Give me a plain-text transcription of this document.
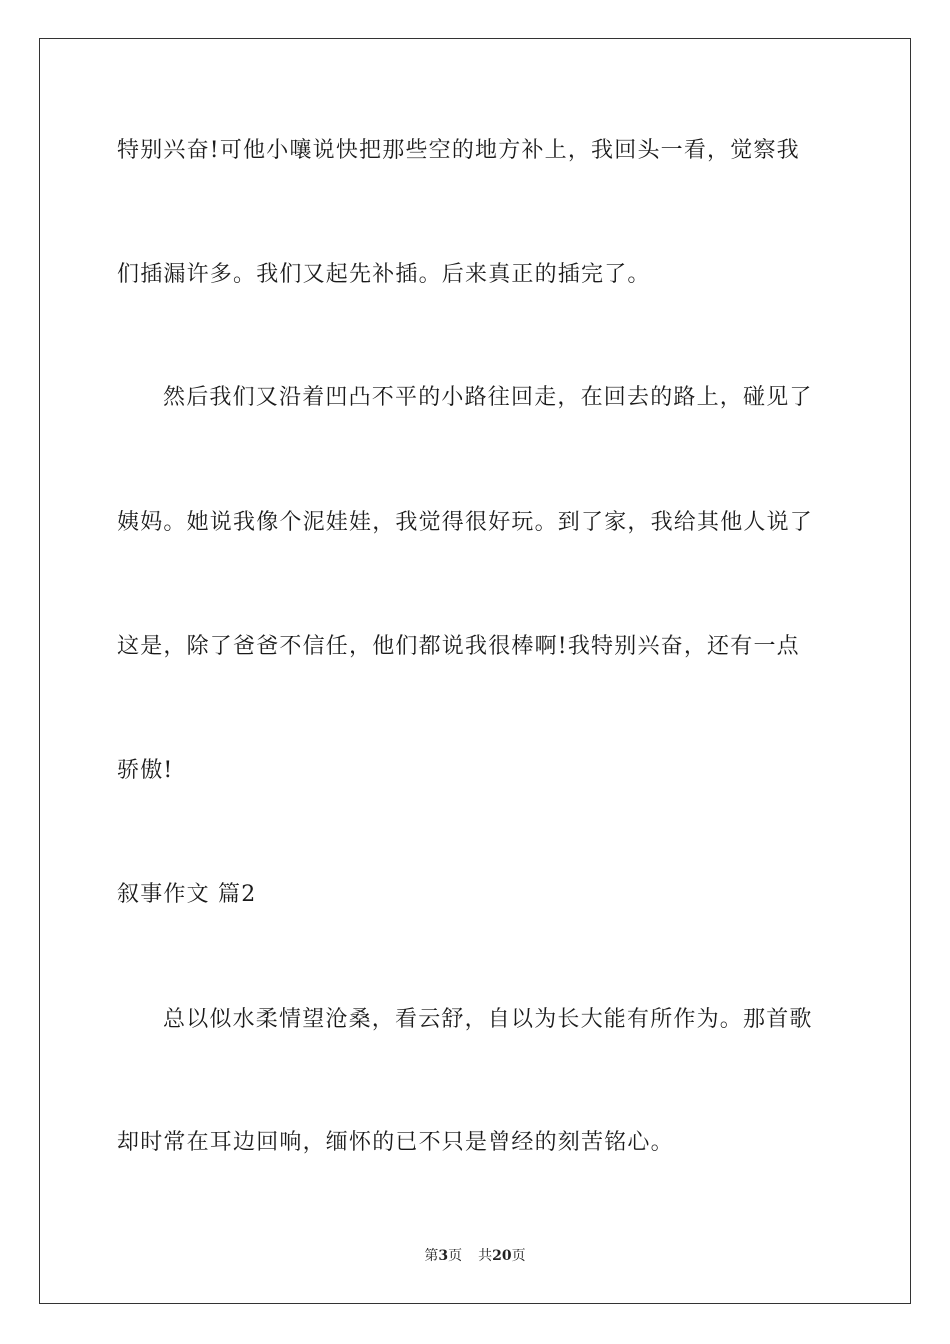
特别兴奋!可他小嚷说快把那些空的地方补上，我回头一看，觉察我
们插漏许多。我们又起先补插。后来真正的插完了。
然后我们又沿着凹凸不平的小路往回走，在回去的路上，碰见了
姨妈。她说我像个泥娃娃，我觉得很好玩。到了家，我给其他人说了
这是，除了爸爸不信任，他们都说我很棒啊!我特别兴奋，还有一点
骄傲!
叙事作文 篇2
总以似水柔情望沧桑，看云舒，自以为长大能有所作为。那首歌
却时常在耳边回响，缅怀的已不只是曾经的刻苦铭心。
第3页 共20页
